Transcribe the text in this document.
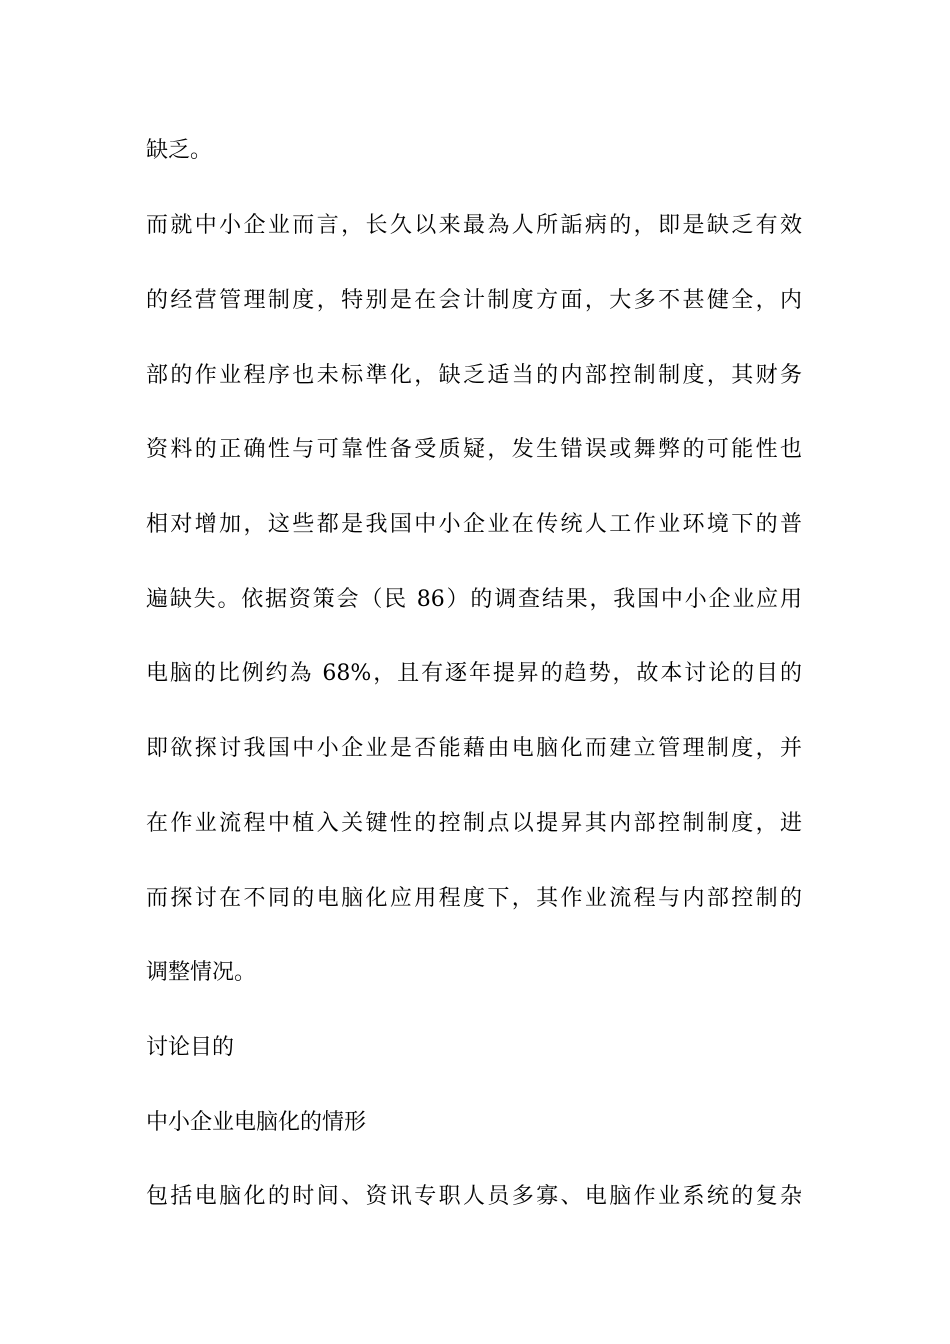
缺乏。
而就中小企业而言，长久以来最為人所詬病的，即是缺乏有效
的经营管理制度，特别是在会计制度方面，大多不甚健全，内
部的作业程序也未标準化，缺乏适当的内部控制制度，其财务
资料的正确性与可靠性备受质疑，发生错误或舞弊的可能性也
相对增加，这些都是我国中小企业在传统人工作业环境下的普
遍缺失。依据资策会（民 86）的调查结果，我国中小企业应用
电脑的比例约為 68%，且有逐年提昇的趋势，故本讨论的目的
即欲探讨我国中小企业是否能藉由电脑化而建立管理制度，并
在作业流程中植入关键性的控制点以提昇其内部控制制度，进
而探讨在不同的电脑化应用程度下，其作业流程与内部控制的
调整情况。
讨论目的
中小企业电脑化的情形
包括电脑化的时间、资讯专职人员多寡、电脑作业系统的复杂
